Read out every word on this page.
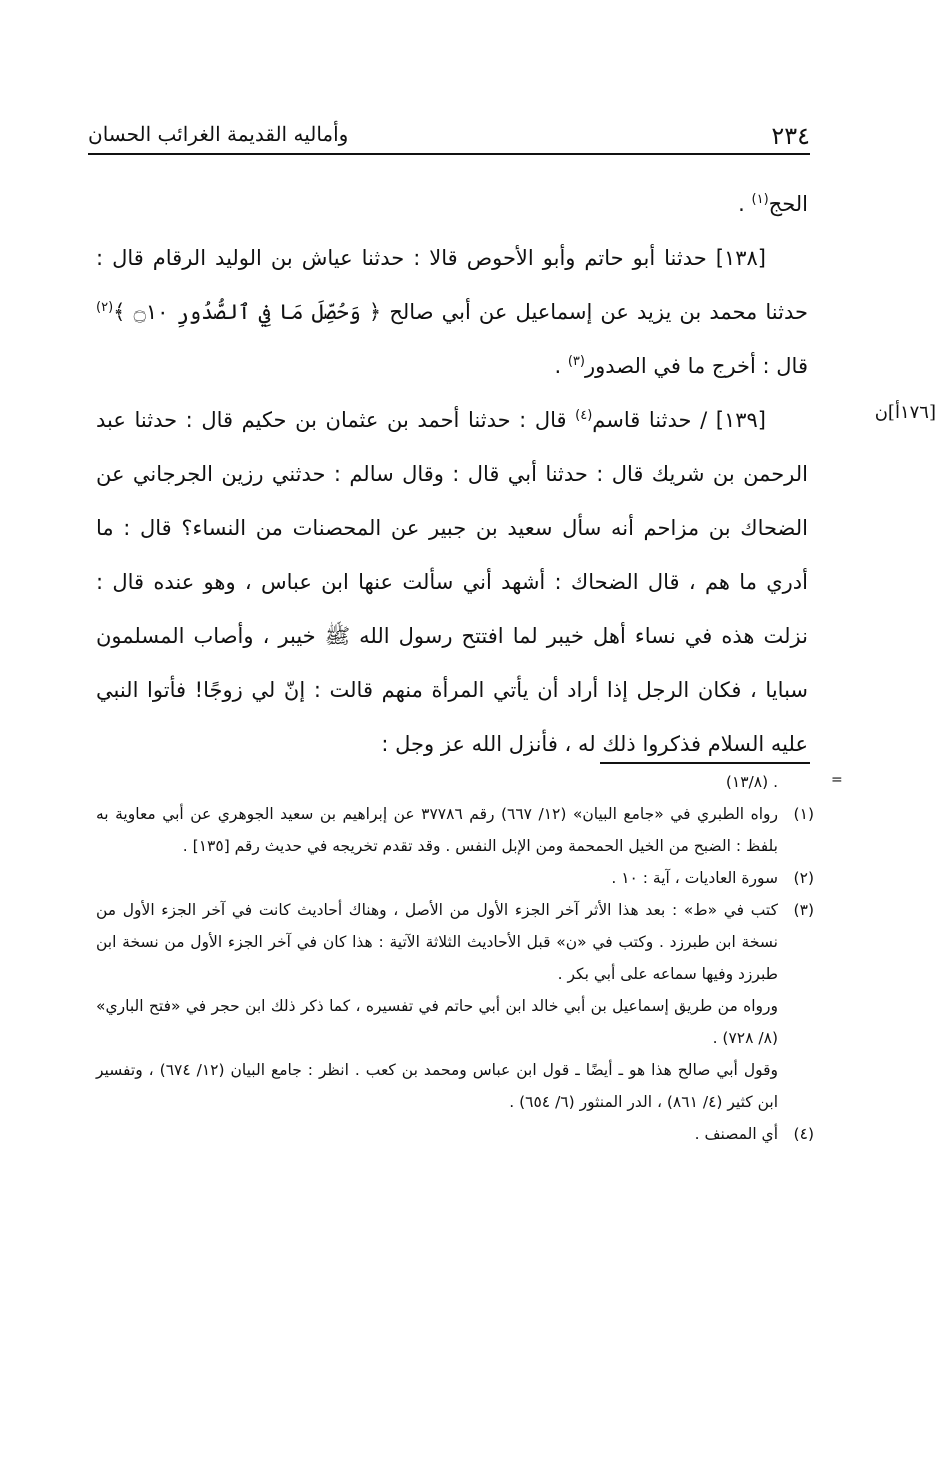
٢٣٤
وأماليه القديمة الغرائب الحسان
[١٧٦أ]ن

الحج$^{(١)}$ .

[١٣٨] حدثنا أبو حاتم وأبو الأحوص قالا : حدثنا عياش بن الوليد الرقام قال : حدثنا محمد بن يزيد عن إسماعيل عن أبي صالح ﴿ وَحُصِّلَ مَا فِي ٱلصُّدُورِ ۝١٠ ﴾$^{(٢)}$ قال : أخرج ما في الصدور$^{(٣)}$ .

[١٣٩] / حدثنا قاسم$^{(٤)}$ قال : حدثنا أحمد بن عثمان بن حكيم قال : حدثنا عبد الرحمن بن شريك قال : حدثنا أبي قال : وقال سالم : حدثني رزين الجرجاني عن الضحاك بن مزاحم أنه سأل سعيد بن جبير عن المحصنات من النساء؟ قال : ما أدري ما هم ، قال الضحاك : أشهد أني سألت عنها ابن عباس ، وهو عنده قال : نزلت هذه في نساء أهل خيبر لما افتتح رسول الله ﷺ خيبر ، وأصاب المسلمون سبايا ، فكان الرجل إذا أراد أن يأتي المرأة منهم قالت : إنّ لي زوجًا! فأتوا النبي عليه السلام فذكروا ذلك له ، فأنزل الله عز وجل :

=

. (١٣/٨)

(١)

رواه الطبري في «جامع البيان» (١٢/ ٦٦٧) رقم ٣٧٧٨٦ عن إبراهيم بن سعيد الجوهري عن أبي معاوية به بلفظ : الضبح من الخيل الحمحمة ومن الإبل النفس . وقد تقدم تخريجه في حديث رقم [١٣٥] .

(٢)

سورة العاديات ، آية : ١٠ .

(٣)

كتب في «ط» : بعد هذا الأثر آخر الجزء الأول من الأصل ، وهناك أحاديث كانت في آخر الجزء الأول من نسخة ابن طبرزد . وكتب في «ن» قبل الأحاديث الثلاثة الآتية : هذا كان في آخر الجزء الأول من نسخة ابن طبرزد وفيها سماعه على أبي بكر .

ورواه من طريق إسماعيل بن أبي خالد ابن أبي حاتم في تفسيره ، كما ذكر ذلك ابن حجر في «فتح الباري» (٨/ ٧٢٨) .

وقول أبي صالح هذا هو ـ أيضًا ـ قول ابن عباس ومحمد بن كعب . انظر : جامع البيان (١٢/ ٦٧٤) ، وتفسير ابن كثير (٤/ ٨٦١) ، الدر المنثور (٦/ ٦٥٤) .

(٤)

أي المصنف .
